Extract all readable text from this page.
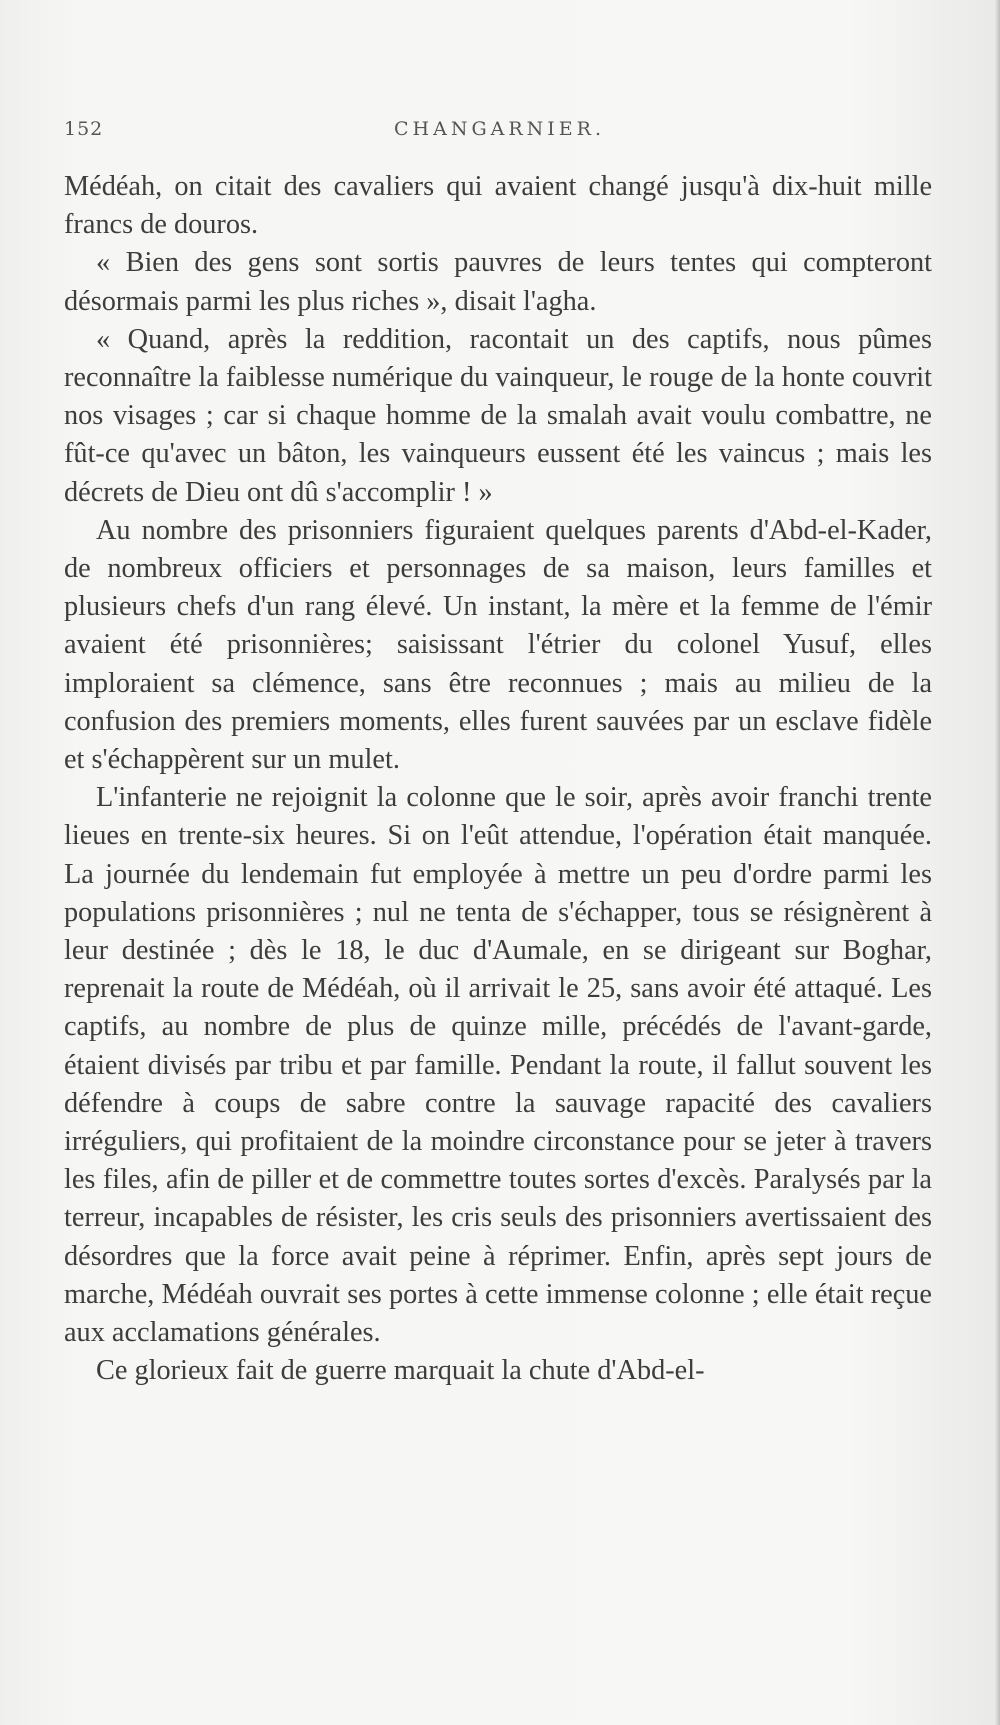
152	CHANGARNIER.

Médéah, on citait des cavaliers qui avaient changé jusqu'à dix-huit mille francs de douros.

« Bien des gens sont sortis pauvres de leurs tentes qui compteront désormais parmi les plus riches », disait l'agha.

« Quand, après la reddition, racontait un des captifs, nous pûmes reconnaître la faiblesse numérique du vainqueur, le rouge de la honte couvrit nos visages ; car si chaque homme de la smalah avait voulu combattre, ne fût-ce qu'avec un bâton, les vainqueurs eussent été les vaincus ; mais les décrets de Dieu ont dû s'accomplir ! »

Au nombre des prisonniers figuraient quelques parents d'Abd-el-Kader, de nombreux officiers et personnages de sa maison, leurs familles et plusieurs chefs d'un rang élevé. Un instant, la mère et la femme de l'émir avaient été prisonnières; saisissant l'étrier du colonel Yusuf, elles imploraient sa clémence, sans être reconnues ; mais au milieu de la confusion des premiers moments, elles furent sauvées par un esclave fidèle et s'échappèrent sur un mulet.

L'infanterie ne rejoignit la colonne que le soir, après avoir franchi trente lieues en trente-six heures. Si on l'eût attendue, l'opération était manquée. La journée du lendemain fut employée à mettre un peu d'ordre parmi les populations prisonnières ; nul ne tenta de s'échapper, tous se résignèrent à leur destinée ; dès le 18, le duc d'Aumale, en se dirigeant sur Boghar, reprenait la route de Médéah, où il arrivait le 25, sans avoir été attaqué. Les captifs, au nombre de plus de quinze mille, précédés de l'avant-garde, étaient divisés par tribu et par famille. Pendant la route, il fallut souvent les défendre à coups de sabre contre la sauvage rapacité des cavaliers irréguliers, qui profitaient de la moindre circonstance pour se jeter à travers les files, afin de piller et de commettre toutes sortes d'excès. Paralysés par la terreur, incapables de résister, les cris seuls des prisonniers avertissaient des désordres que la force avait peine à réprimer. Enfin, après sept jours de marche, Médéah ouvrait ses portes à cette immense colonne ; elle était reçue aux acclamations générales.

Ce glorieux fait de guerre marquait la chute d'Abd-el-
